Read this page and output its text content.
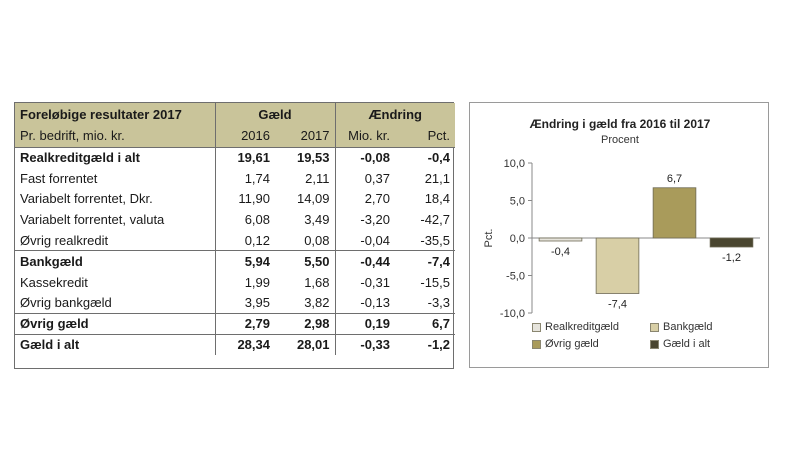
Foreløbige resultater 2017	Gæld		Ændring	
Pr. bedrift, mio. kr.	2016	2017	Mio. kr.	Pct.
Realkreditgæld i alt	19,61	19,53	-0,08	-0,4
Fast forrentet	1,74	2,11	0,37	21,1
Variabelt forrentet, Dkr.	11,90	14,09	2,70	18,4
Variabelt forrentet, valuta	6,08	3,49	-3,20	-42,7
Øvrig realkredit	0,12	0,08	-0,04	-35,5
Bankgæld	5,94	5,50	-0,44	-7,4
Kassekredit	1,99	1,68	-0,31	-15,5
Øvrig bankgæld	3,95	3,82	-0,13	-3,3
Øvrig gæld	2,79	2,98	0,19	6,7
Gæld i alt	28,34	28,01	-0,33	-1,2
Ændring i gæld fra 2016 til 2017
Procent
Pct.
10,0
5,0
0,0
-5,0
-10,0
-0,4
-7,4
6,7
-1,2
Realkreditgæld	Bankgæld
Øvrig gæld	Gæld i alt
